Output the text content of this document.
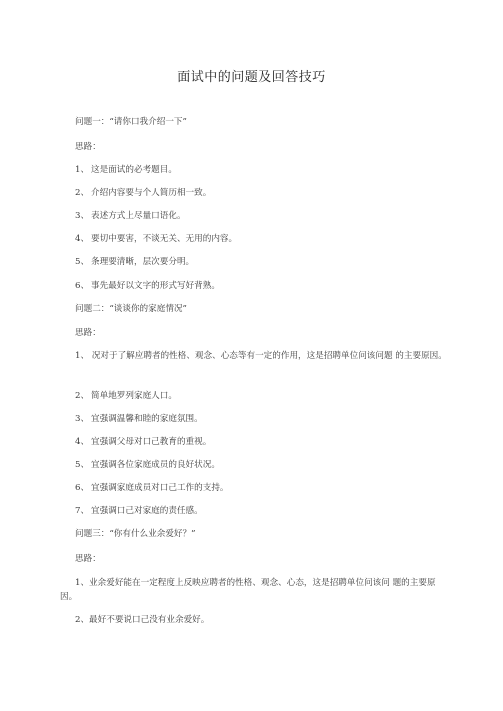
面试中的问题及回答技巧
问题一：“请你口我介绍一下”
思路：
1、 这是面试的必考题目。
2、 介绍内容要与个人简历相一致。
3、 表述方式上尽量口语化。
4、 要切中要害，不谈无关、无用的内容。
5、 条理要清晰，层次要分明。
6、 事先最好以文字的形式写好背熟。
问题二：“谈谈你的家庭情况”
思路：
1、 况对于了解应聘者的性格、观念、心态等有一定的作用，这是招聘单位问该问题 的主要原因。
2、 简单地罗列家庭人口。
3、 宜强调温馨和睦的家庭氛围。
4、 宜强调父母对口己教育的重视。
5、 宜强调各位家庭成员的良好状况。
6、 宜强调家庭成员对口己工作的支持。
7、 宜强调口己对家庭的责任感。
问题三：“你有什么业余爱好？”
思路：
1、业余爱好能在一定程度上反映应聘者的性格、观念、心态，这是招聘单位问该问 题的主要原因。
2、最好不要说口己没有业余爱好。
